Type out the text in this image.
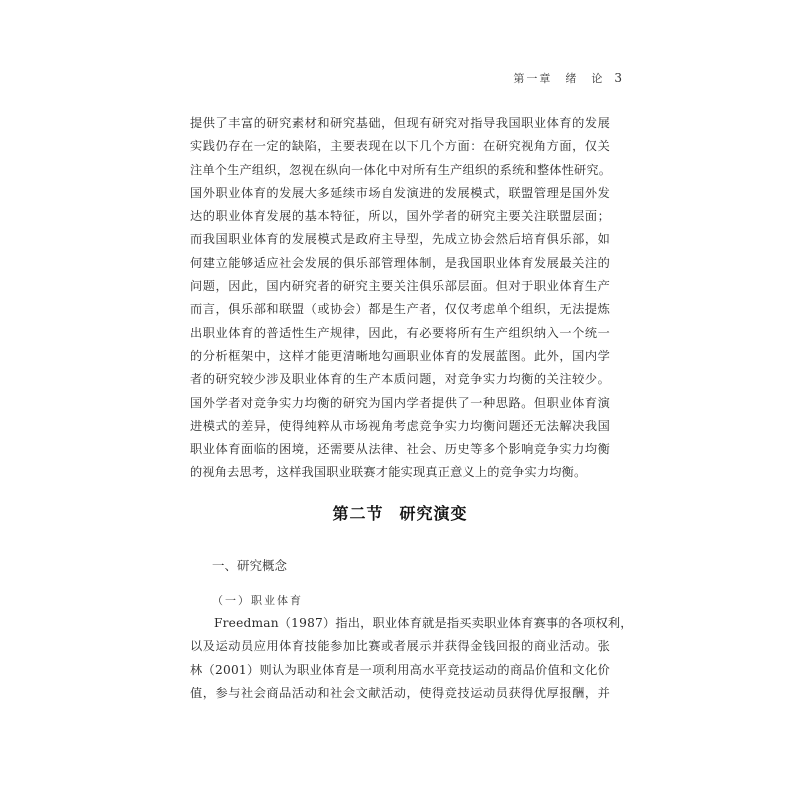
第一章　绪　论 3
提供了丰富的研究素材和研究基础，但现有研究对指导我国职业体育的发展
实践仍存在一定的缺陷，主要表现在以下几个方面：在研究视角方面，仅关
注单个生产组织，忽视在纵向一体化中对所有生产组织的系统和整体性研究。
国外职业体育的发展大多延续市场自发演进的发展模式，联盟管理是国外发
达的职业体育发展的基本特征，所以，国外学者的研究主要关注联盟层面；
而我国职业体育的发展模式是政府主导型，先成立协会然后培育俱乐部，如
何建立能够适应社会发展的俱乐部管理体制，是我国职业体育发展最关注的
问题，因此，国内研究者的研究主要关注俱乐部层面。但对于职业体育生产
而言，俱乐部和联盟（或协会）都是生产者，仅仅考虑单个组织，无法提炼
出职业体育的普适性生产规律，因此，有必要将所有生产组织纳入一个统一
的分析框架中，这样才能更清晰地勾画职业体育的发展蓝图。此外，国内学
者的研究较少涉及职业体育的生产本质问题，对竞争实力均衡的关注较少。
国外学者对竞争实力均衡的研究为国内学者提供了一种思路。但职业体育演
进模式的差异，使得纯粹从市场视角考虑竞争实力均衡问题还无法解决我国
职业体育面临的困境，还需要从法律、社会、历史等多个影响竞争实力均衡
的视角去思考，这样我国职业联赛才能实现真正意义上的竞争实力均衡。
第二节 研究演变
一、研究概念
（一）职业体育
Freedman（1987）指出，职业体育就是指买卖职业体育赛事的各项权利，
以及运动员应用体育技能参加比赛或者展示并获得金钱回报的商业活动。张
林（2001）则认为职业体育是一项利用高水平竞技运动的商品价值和文化价
值，参与社会商品活动和社会文献活动，使得竞技运动员获得优厚报酬，并
